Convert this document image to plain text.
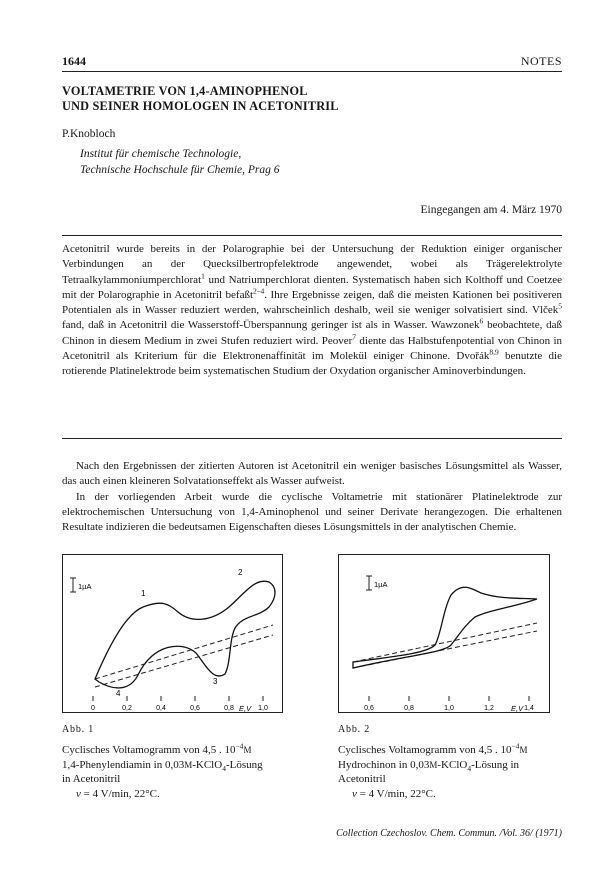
1644	NOTES
VOLTAMETRIE VON 1,4-AMINOPHENOL
UND SEINER HOMOLOGEN IN ACETONITRIL
P.Knobloch
Institut für chemische Technologie,
Technische Hochschule für Chemie, Prag 6
Eingegangen am 4. März 1970

Acetonitril wurde bereits in der Polarographie bei der Untersuchung der Reduktion einiger organischer Verbindungen an der Quecksilbertropfelektrode angewendet, wobei als Trägerelektrolyte Tetraalkylammoniumperchlorat$^1$ und Natriumperchlorat dienten. Systematisch haben sich Kolthoff und Coetzee mit der Polarographie in Acetonitril befaßt$^{2-4}$. Ihre Ergebnisse zeigen, daß die meisten Kationen bei positiveren Potentialen als in Wasser reduziert werden, wahrscheinlich deshalb, weil sie weniger solvatisiert sind. Vlček$^5$ fand, daß in Acetonitril die Wasserstoff-Überspannung geringer ist als in Wasser. Wawzonek$^6$ beobachtete, daß Chinon in diesem Medium in zwei Stufen reduziert wird. Peover$^7$ diente das Halbstufenpotential von Chinon in Acetonitril als Kriterium für die Elektronenaffinität im Molekül einiger Chinone. Dvořák$^{8,9}$ benutzte die rotierende Platinelektrode beim systematischen Studium der Oxydation organischer Aminoverbindungen.

Nach den Ergebnissen der zitierten Autoren ist Acetonitril ein weniger basisches Lösungsmittel als Wasser, das auch einen kleineren Solvatationseffekt als Wasser aufweist.

In der vorliegenden Arbeit wurde die cyclische Voltametrie mit stationärer Platinelektrode zur elektrochemischen Untersuchung von 1,4-Aminophenol und seiner Derivate herangezogen. Die erhaltenen Resultate indizieren die bedeutsamen Eigenschaften dieses Lösungsmittels in der analytischen Chemie.

1µA
1
2
3
4
0	0,2	0,4	0,6	0,8	1,0
E,V
1µA
0,6	0,8	1,0	1,2	1,4
E,V
Abb. 1
Cyclisches Voltamogramm von 4,5 . $10^{-4}M$
1,4-Phenylendiamin in 0,03M-KClO$_4$-Lösung
in Acetonitril
v = 4 V/min, 22°C.
Abb. 2
Cyclisches Voltamogramm von 4,5 . $10^{-4}M$
Hydrochinon in 0,03M-KClO$_4$-Lösung in
Acetonitril
v = 4 V/min, 22°C.
Collection Czechoslov. Chem. Commun. /Vol. 36/ (1971)
